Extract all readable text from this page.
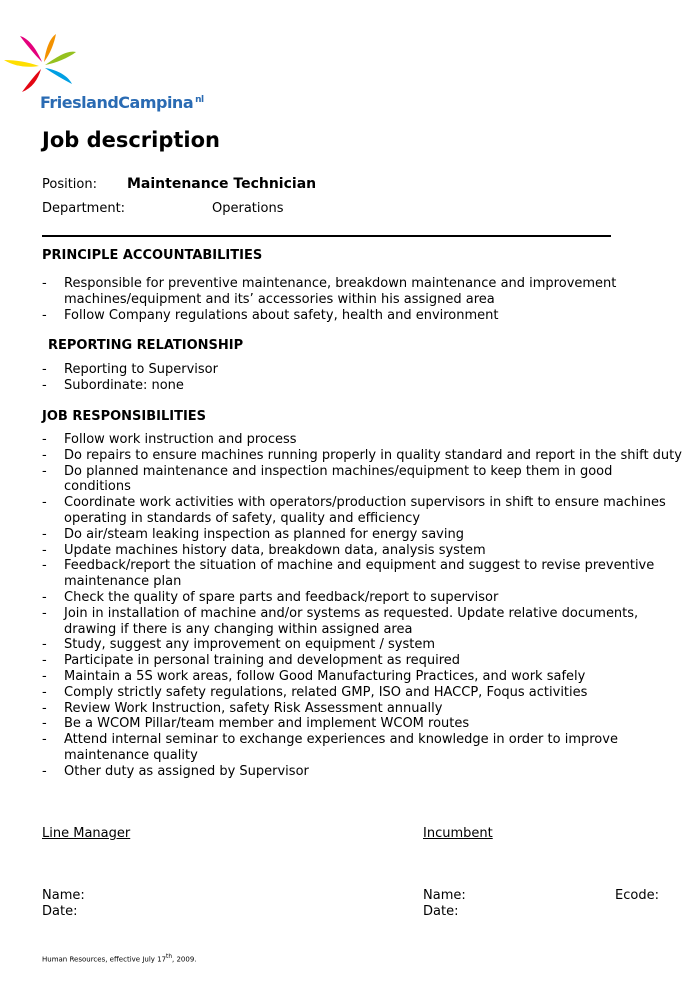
FrieslandCampina $^{nl}$
Job description
Position: Maintenance Technician
Department:	Operations
PRINCIPLE ACCOUNTABILITIES
-	Responsible for preventive maintenance, breakdown maintenance and improvement machines/equipment and its’ accessories within his assigned area
-	Follow Company regulations about safety, health and environment
REPORTING RELATIONSHIP
-	Reporting to Supervisor
-	Subordinate: none
JOB RESPONSIBILITIES
-	Follow work instruction and process
-	Do repairs to ensure machines running properly in quality standard and report in the shift duty
-	Do planned maintenance and inspection machines/equipment to keep them in good conditions
-	Coordinate work activities with operators/production supervisors in shift to ensure machines operating in standards of safety, quality and efficiency
-	Do air/steam leaking inspection as planned for energy saving
-	Update machines history data, breakdown data, analysis system
-	Feedback/report the situation of machine and equipment and suggest to revise preventive maintenance plan
-	Check the quality of spare parts and feedback/report to supervisor
-	Join in installation of machine and/or systems as requested. Update relative documents, drawing if there is any changing within assigned area
-	Study, suggest any improvement on equipment / system
-	Participate in personal training and development as required
-	Maintain a 5S work areas, follow Good Manufacturing Practices, and work safely
-	Comply strictly safety regulations, related GMP, ISO and HACCP, Foqus activities
-	Review Work Instruction, safety Risk Assessment annually
-	Be a WCOM Pillar/team member and implement WCOM routes
-	Attend internal seminar to exchange experiences and knowledge in order to improve maintenance quality
-	Other duty as assigned by Supervisor
Line Manager	Incumbent
Name:
Date:
Name:
Date:
Ecode:
Human Resources, effective July 17th, 2009.
